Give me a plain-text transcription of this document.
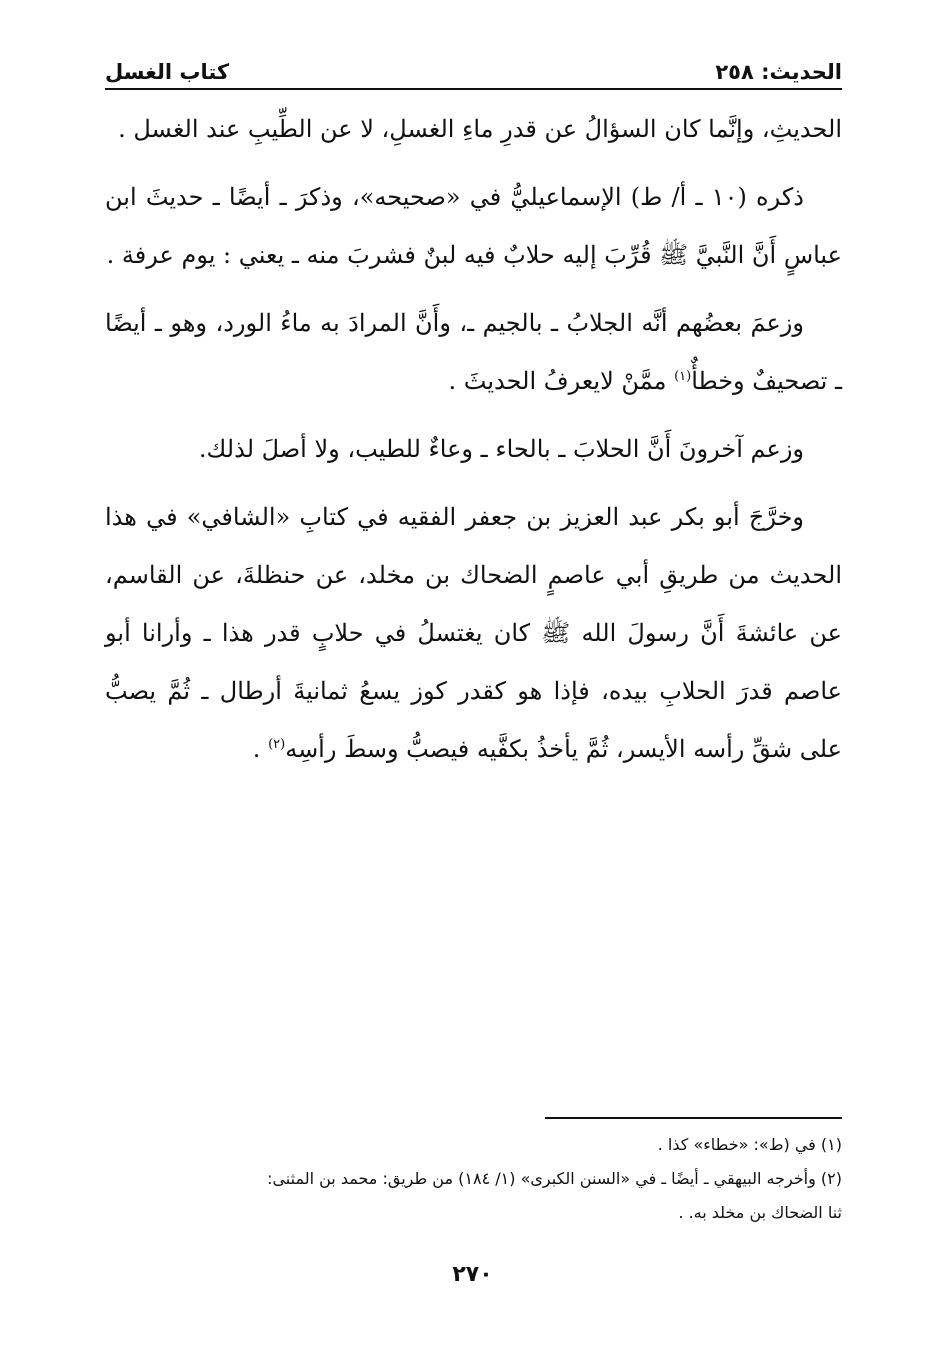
الحديث: ٢٥٨
كتاب الغسل

الحديثِ، وإنَّما كان السؤالُ عن قدرِ ماءِ الغسلِ، لا عن الطِّيبِ عند الغسل .

ذكره (١٠ ـ أ/ ط) الإسماعيليُّ في «صحيحه»، وذكرَ ـ أيضًا ـ حديثَ ابن عباسٍ أَنَّ النَّبيَّ ﷺ قُرِّبَ إليه حلابٌ فيه لبنٌ فشربَ منه ـ يعني : يوم عرفة .

وزعمَ بعضُهم أنَّه الجلابُ ـ بالجيم ـ، وأَنَّ المرادَ به ماءُ الورد، وهو ـ أيضًا ـ تصحيفٌ وخطأٌ$^{(١)}$ ممَّنْ لايعرفُ الحديثَ .

وزعم آخرونَ أَنَّ الحلابَ ـ بالحاء ـ وعاءٌ للطيب، ولا أصلَ لذلك.

وخرَّجَ أبو بكر عبد العزيز بن جعفر الفقيه في كتابِ «الشافي» في هذا الحديث من طريقِ أبي عاصمٍ الضحاك بن مخلد، عن حنظلةَ، عن القاسم، عن عائشةَ أَنَّ رسولَ الله ﷺ كان يغتسلُ في حلابٍ قدر هذا ـ وأرانا أبو عاصم قدرَ الحلابِ بيده، فإذا هو كقدر كوز يسعُ ثمانيةَ أرطال ـ ثُمَّ يصبُّ على شقِّ رأسه الأيسر، ثُمَّ يأخذُ بكفَّيه فيصبُّ وسطَ رأسِه$^{(٢)}$ .

(١) في (ط»: «خطاء» كذا .

(٢) وأخرجه البيهقي ـ أيضًا ـ في «السنن الكبرى» (١/ ١٨٤) من طريق: محمد بن المثنى:

ثنا الضحاك بن مخلد به. .

٢٧٠
